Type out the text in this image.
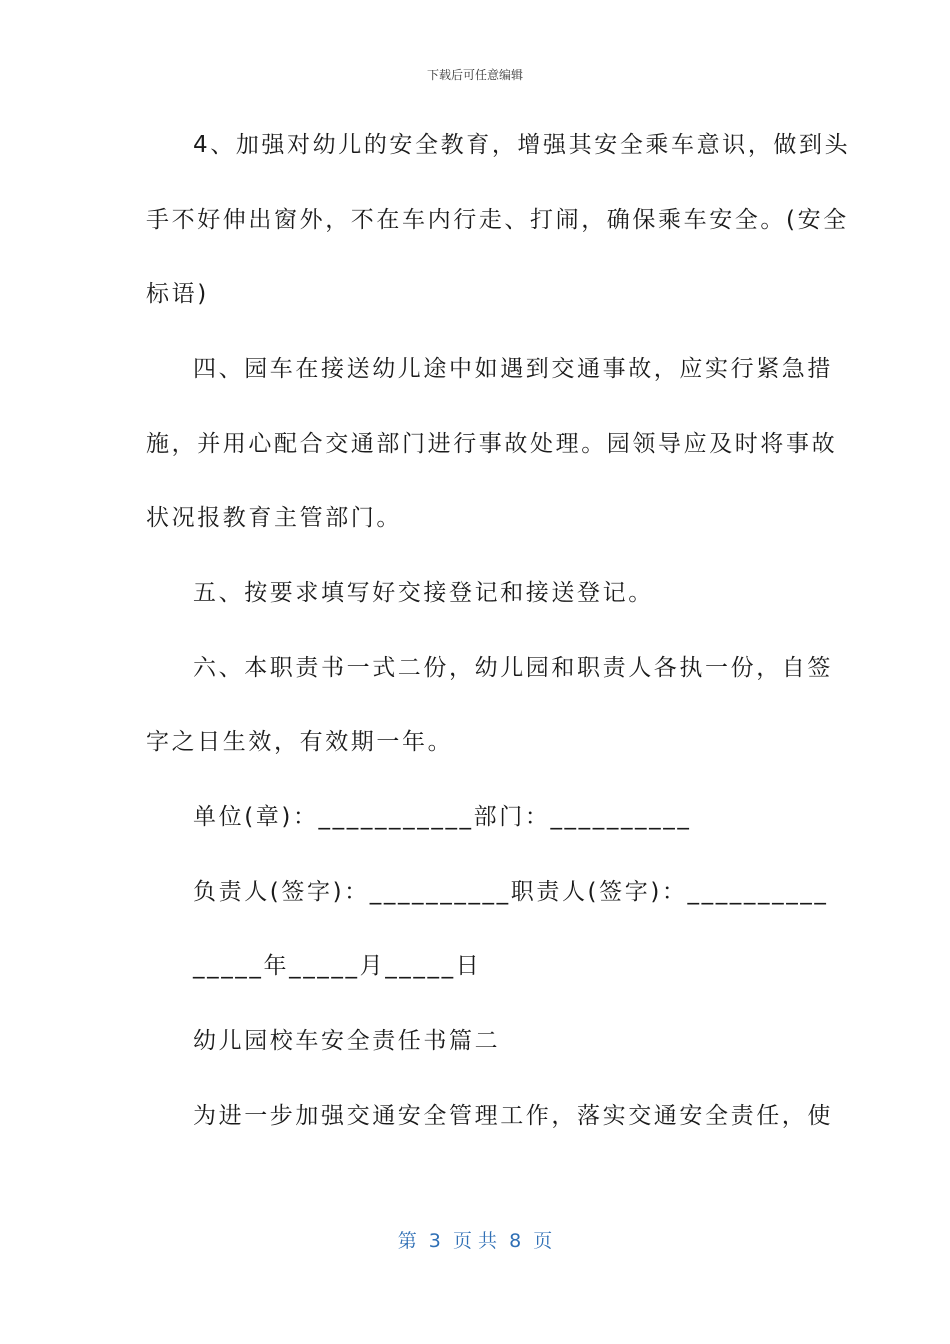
下载后可任意编辑
4、加强对幼儿的安全教育，增强其安全乘车意识，做到头
手不好伸出窗外，不在车内行走、打闹，确保乘车安全。(安全
标语)
四、园车在接送幼儿途中如遇到交通事故，应实行紧急措
施，并用心配合交通部门进行事故处理。园领导应及时将事故
状况报教育主管部门。
五、按要求填写好交接登记和接送登记。
六、本职责书一式二份，幼儿园和职责人各执一份，自签
字之日生效，有效期一年。
单位(章)：___________部门：__________
负责人(签字)：__________职责人(签字)：__________
_____年_____月_____日
幼儿园校车安全责任书篇二
为进一步加强交通安全管理工作，落实交通安全责任，使
第  3  页 共  8  页
